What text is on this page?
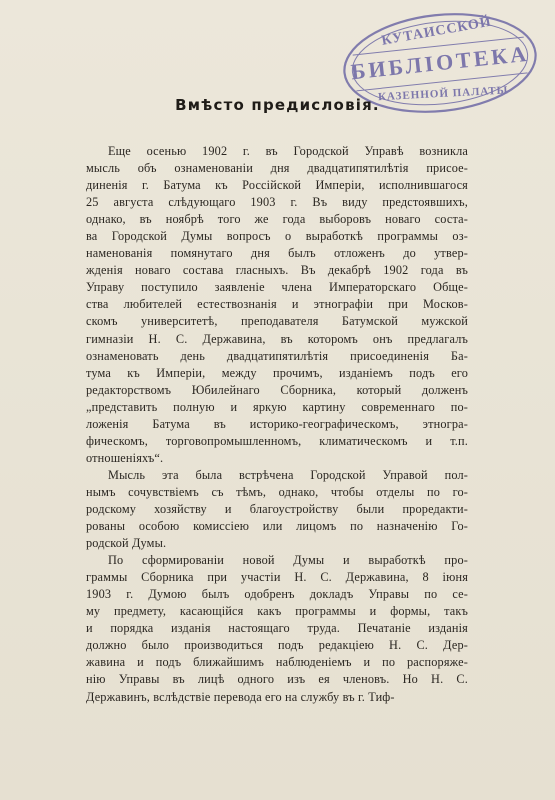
КУТАИССКОЙ
БИБЛІОТЕКА
КАЗЕННОЙ ПАЛАТЫ
Вмѣсто предисловія.
Еще осенью 1902 г. въ Городской Управѣ возникла
мысль объ ознаменованіи дня двадцатипятилѣтія присое-
диненія г. Батума къ Россійской Имперіи, исполнившагося
25 августа слѣдующаго 1903 г. Въ виду предстоявшихъ,
однако, въ ноябрѣ того же года выборовъ новаго соста-
ва Городской Думы вопросъ о выработкѣ программы оз-
наменованія помянутаго дня былъ отложенъ до утвер-
жденія новаго состава гласныхъ. Въ декабрѣ 1902 года въ
Управу поступило заявленіе члена Императорскаго Обще-
ства любителей естествознанія и этнографіи при Москов-
скомъ университетѣ, преподавателя Батумской мужской
гимназіи Н. С. Державина, въ которомъ онъ предлагалъ
ознаменовать день двадцатипятилѣтія присоединенія Ба-
тума къ Имперіи, между прочимъ, изданіемъ подъ его
редакторствомъ Юбилейнаго Сборника, который долженъ
„представить полную и яркую картину современнаго по-
ложенія Батума въ историко-географическомъ, этногра-
фическомъ, торговопромышленномъ, климатическомъ и т.п.
отношеніяхъ“.
Мысль эта была встрѣчена Городской Управой пол-
нымъ сочувствіемъ съ тѣмъ, однако, чтобы отделы по го-
родскому хозяйству и благоустройству были проредакти-
рованы особою комиссіею или лицомъ по назначенію Го-
родской Думы.
По сформированіи новой Думы и выработкѣ про-
граммы Сборника при участіи Н. С. Державина, 8 іюня
1903 г. Думою былъ одобренъ докладъ Управы по се-
му предмету, касающійся какъ программы и формы, такъ
и порядка изданія настоящаго труда. Печатаніе изданія
должно было производиться подъ редакціею Н. С. Дер-
жавина и подъ ближайшимъ наблюденіемъ и по распоряже-
нію Управы въ лицѣ одного изъ ея членовъ. Но Н. С.
Державинъ, вслѣдствіе перевода его на службу въ г. Тиф-
